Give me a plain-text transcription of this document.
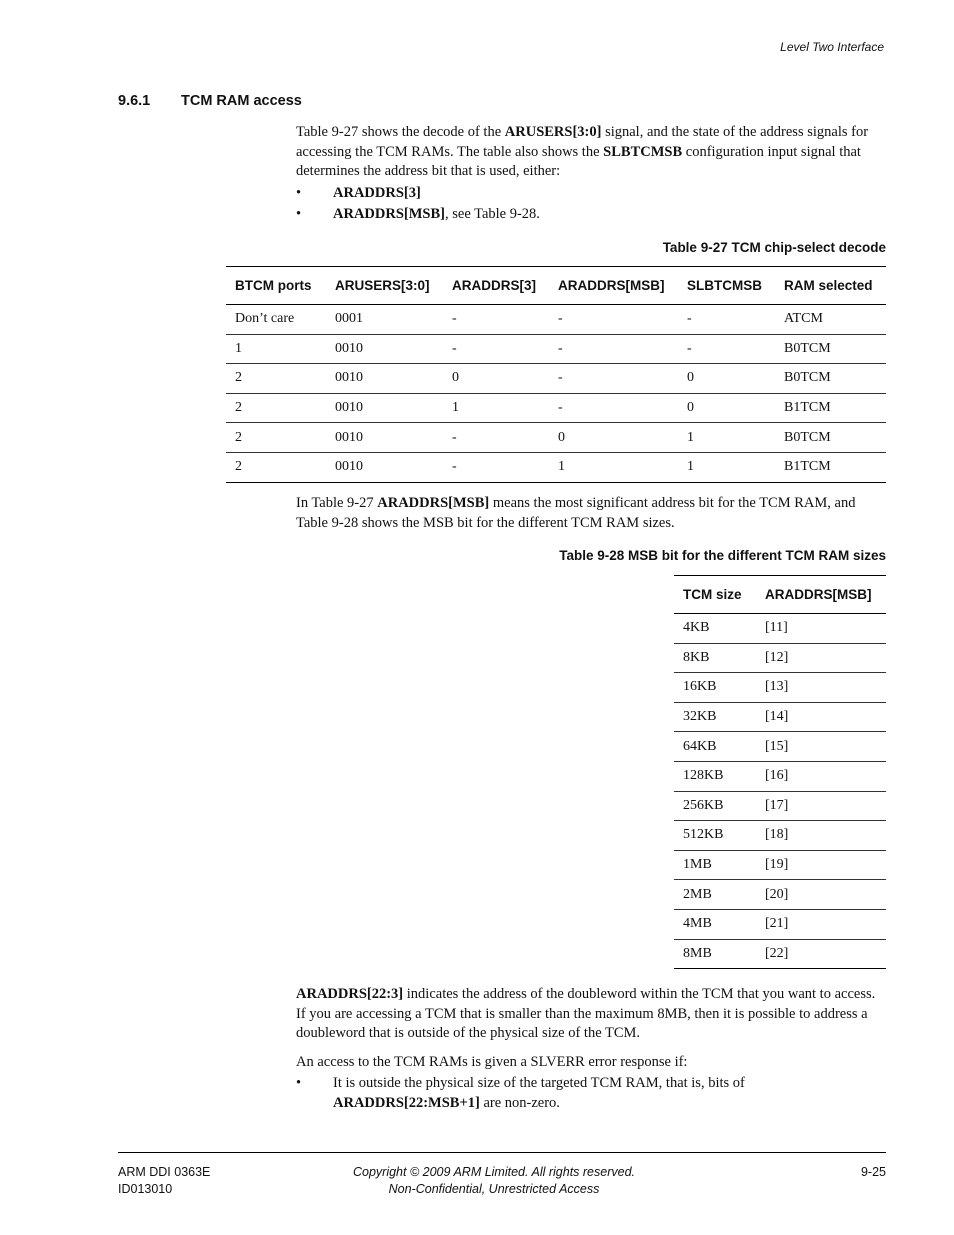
Level Two Interface
9.6.1 TCM RAM access
Table 9-27 shows the decode of the ARUSERS[3:0] signal, and the state of the address signals for accessing the TCM RAMs. The table also shows the SLBTCMSB configuration input signal that determines the address bit that is used, either:
• ARADDRS[3]
• ARADDRS[MSB], see Table 9-28.
Table 9-27 TCM chip-select decode
BTCM ports	ARUSERS[3:0]	ARADDRS[3]	ARADDRS[MSB]	SLBTCMSB	RAM selected
Don’t care	0001	-	-	-	ATCM
1	0010	-	-	-	B0TCM
2	0010	0	-	0	B0TCM
2	0010	1	-	0	B1TCM
2	0010	-	0	1	B0TCM
2	0010	-	1	1	B1TCM
In Table 9-27 ARADDRS[MSB] means the most significant address bit for the TCM RAM, and Table 9-28 shows the MSB bit for the different TCM RAM sizes.
Table 9-28 MSB bit for the different TCM RAM sizes
TCM size	ARADDRS[MSB]
4KB	[11]
8KB	[12]
16KB	[13]
32KB	[14]
64KB	[15]
128KB	[16]
256KB	[17]
512KB	[18]
1MB	[19]
2MB	[20]
4MB	[21]
8MB	[22]
ARADDRS[22:3] indicates the address of the doubleword within the TCM that you want to access. If you are accessing a TCM that is smaller than the maximum 8MB, then it is possible to address a doubleword that is outside of the physical size of the TCM.
An access to the TCM RAMs is given a SLVERR error response if:
• It is outside the physical size of the targeted TCM RAM, that is, bits of ARADDRS[22:MSB+1] are non-zero.
ARM DDI 0363E
ID013010
Copyright © 2009 ARM Limited. All rights reserved.
Non-Confidential, Unrestricted Access
9-25
